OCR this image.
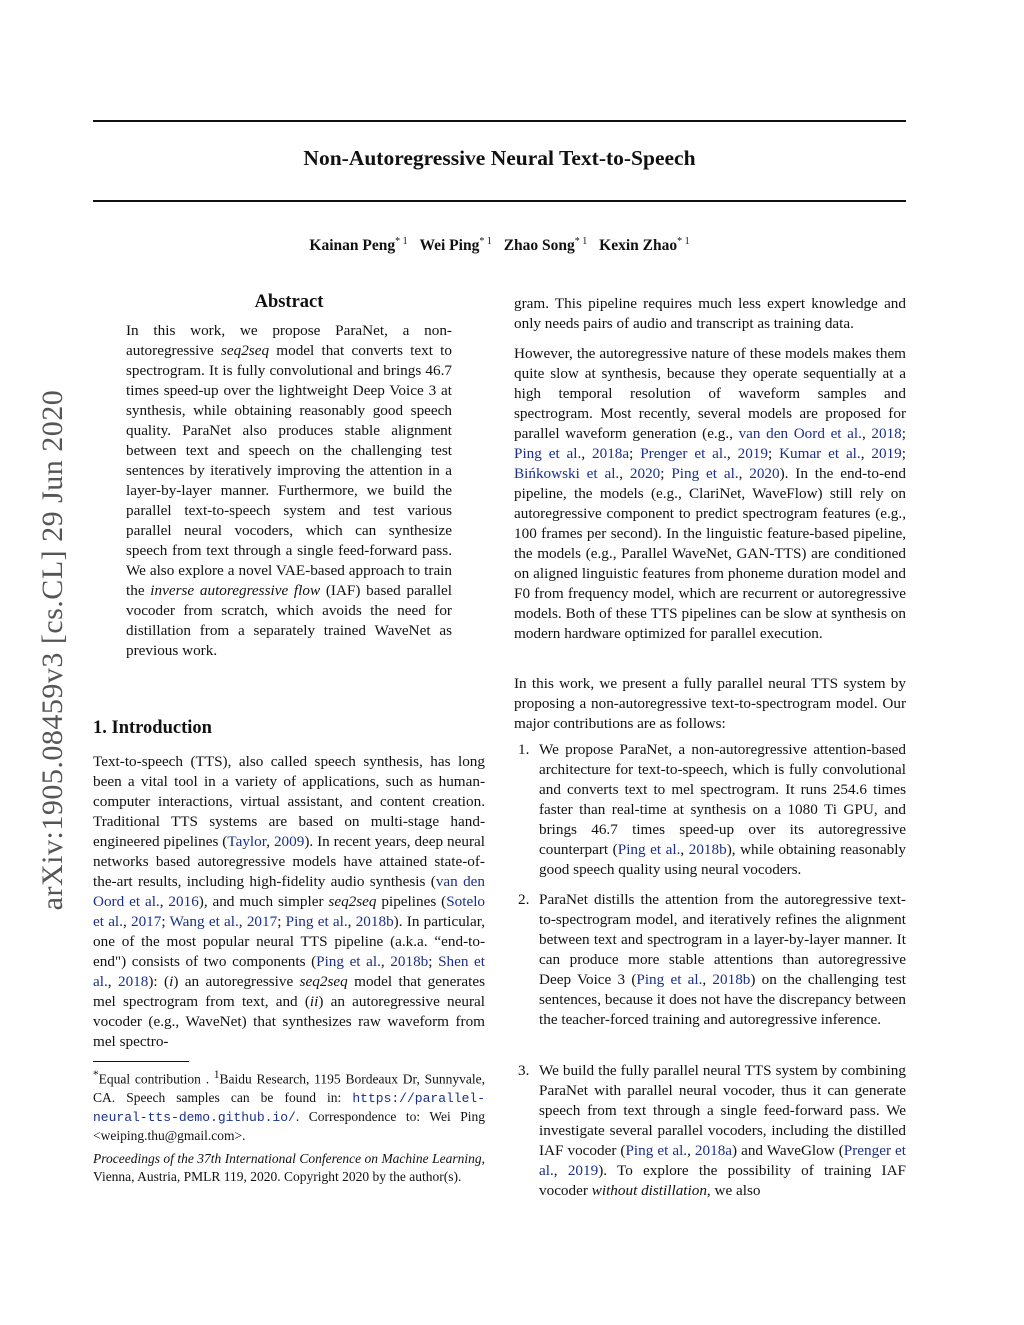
Non-Autoregressive Neural Text-to-Speech
Kainan Peng$^{* 1}$ Wei Ping$^{* 1}$ Zhao Song$^{* 1}$ Kexin Zhao$^{* 1}$
arXiv:1905.08459v3 [cs.CL] 29 Jun 2020
Abstract
In this work, we propose ParaNet, a non-autoregressive seq2seq model that converts text to spectrogram. It is fully convolutional and brings 46.7 times speed-up over the lightweight Deep Voice 3 at synthesis, while obtaining reasonably good speech quality. ParaNet also produces stable alignment between text and speech on the challenging test sentences by iteratively improving the attention in a layer-by-layer manner. Furthermore, we build the parallel text-to-speech system and test various parallel neural vocoders, which can synthesize speech from text through a single feed-forward pass. We also explore a novel VAE-based approach to train the inverse autoregressive flow (IAF) based parallel vocoder from scratch, which avoids the need for distillation from a separately trained WaveNet as previous work.
1. Introduction
Text-to-speech (TTS), also called speech synthesis, has long been a vital tool in a variety of applications, such as human-computer interactions, virtual assistant, and content creation. Traditional TTS systems are based on multi-stage hand-engineered pipelines (Taylor, 2009). In recent years, deep neural networks based autoregressive models have attained state-of-the-art results, including high-fidelity audio synthesis (van den Oord et al., 2016), and much simpler seq2seq pipelines (Sotelo et al., 2017; Wang et al., 2017; Ping et al., 2018b). In particular, one of the most popular neural TTS pipeline (a.k.a. “end-to-end") consists of two components (Ping et al., 2018b; Shen et al., 2018): (i) an autoregressive seq2seq model that generates mel spectrogram from text, and (ii) an autoregressive neural vocoder (e.g., WaveNet) that synthesizes raw waveform from mel spectro-
*Equal contribution . $^1$Baidu Research, 1195 Bordeaux Dr, Sunnyvale, CA. Speech samples can be found in: https://parallel-neural-tts-demo.github.io/. Correspondence to: Wei Ping <weiping.thu@gmail.com>.
Proceedings of the 37th International Conference on Machine Learning, Vienna, Austria, PMLR 119, 2020. Copyright 2020 by the author(s).
gram. This pipeline requires much less expert knowledge and only needs pairs of audio and transcript as training data.
However, the autoregressive nature of these models makes them quite slow at synthesis, because they operate sequentially at a high temporal resolution of waveform samples and spectrogram. Most recently, several models are proposed for parallel waveform generation (e.g., van den Oord et al., 2018; Ping et al., 2018a; Prenger et al., 2019; Kumar et al., 2019; Bińkowski et al., 2020; Ping et al., 2020). In the end-to-end pipeline, the models (e.g., ClariNet, WaveFlow) still rely on autoregressive component to predict spectrogram features (e.g., 100 frames per second). In the linguistic feature-based pipeline, the models (e.g., Parallel WaveNet, GAN-TTS) are conditioned on aligned linguistic features from phoneme duration model and F0 from frequency model, which are recurrent or autoregressive models. Both of these TTS pipelines can be slow at synthesis on modern hardware optimized for parallel execution.
In this work, we present a fully parallel neural TTS system by proposing a non-autoregressive text-to-spectrogram model. Our major contributions are as follows:
1. We propose ParaNet, a non-autoregressive attention-based architecture for text-to-speech, which is fully convolutional and converts text to mel spectrogram. It runs 254.6 times faster than real-time at synthesis on a 1080 Ti GPU, and brings 46.7 times speed-up over its autoregressive counterpart (Ping et al., 2018b), while obtaining reasonably good speech quality using neural vocoders.
2. ParaNet distills the attention from the autoregressive text-to-spectrogram model, and iteratively refines the alignment between text and spectrogram in a layer-by-layer manner. It can produce more stable attentions than autoregressive Deep Voice 3 (Ping et al., 2018b) on the challenging test sentences, because it does not have the discrepancy between the teacher-forced training and autoregressive inference.
3. We build the fully parallel neural TTS system by combining ParaNet with parallel neural vocoder, thus it can generate speech from text through a single feed-forward pass. We investigate several parallel vocoders, including the distilled IAF vocoder (Ping et al., 2018a) and WaveGlow (Prenger et al., 2019). To explore the possibility of training IAF vocoder without distillation, we also
